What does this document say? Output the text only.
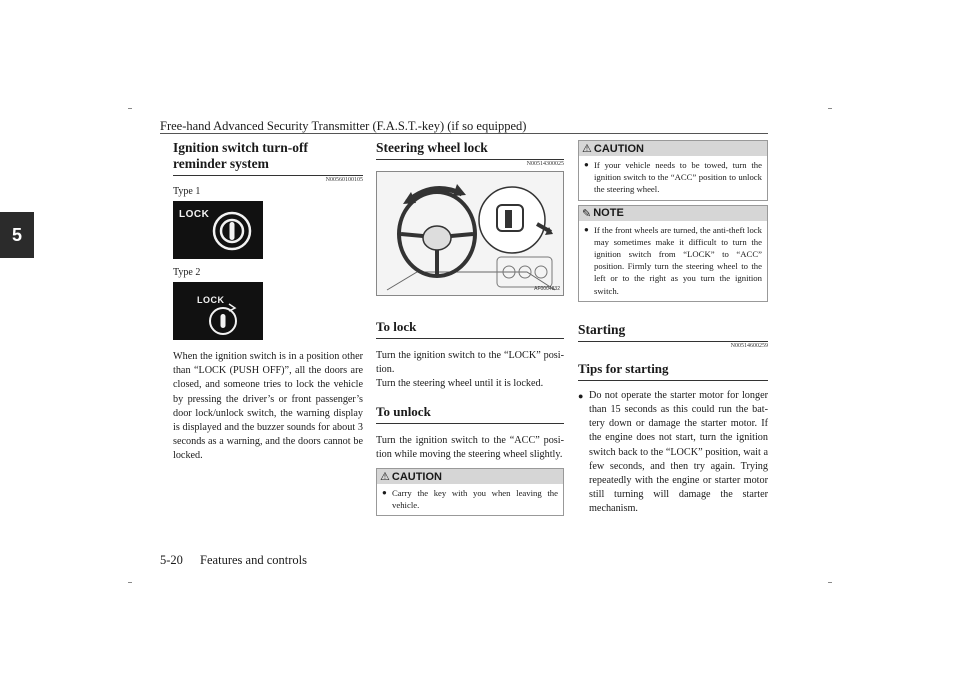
Free-hand Advanced Security Transmitter (F.A.S.T.-key) (if so equipped)
5
Ignition switch turn-off reminder system
N00560100105
Type 1
LOCK
Type 2
LOCK

When the ignition switch is in a position other than “LOCK (PUSH OFF)”, all the doors are closed, and someone tries to lock the vehicle by pressing the driver’s or front passenger’s door lock/unlock switch, the warning display is displayed and the buzzer sounds for about 3 seconds as a warning, and the doors cannot be locked.

Steering wheel lock
N00514300025
AF0004832
To lock

Turn the ignition switch to the “LOCK” posi-tion.

Turn the steering wheel until it is locked.

To unlock

Turn the ignition switch to the “ACC” posi-tion while moving the steering wheel slightly.

⚠ CAUTION
● Carry the key with you when leaving the vehicle.
⚠ CAUTION
● If your vehicle needs to be towed, turn the ignition switch to the “ACC” position to unlock the steering wheel.
✎ NOTE
● If the front wheels are turned, the anti-theft lock may sometimes make it difficult to turn the ignition switch from “LOCK” to “ACC” position. Firmly turn the steering wheel to the left or to the right as you turn the ignition switch.
Starting
N00514600259
Tips for starting
● Do not operate the starter motor for longer than 15 seconds as this could run the bat-tery down or damage the starter motor. If the engine does not start, turn the ignition switch back to the “LOCK” position, wait a few seconds, and then try again. Trying repeatedly with the engine or starter motor still turning will damage the starter mechanism.
5-20 Features and controls
